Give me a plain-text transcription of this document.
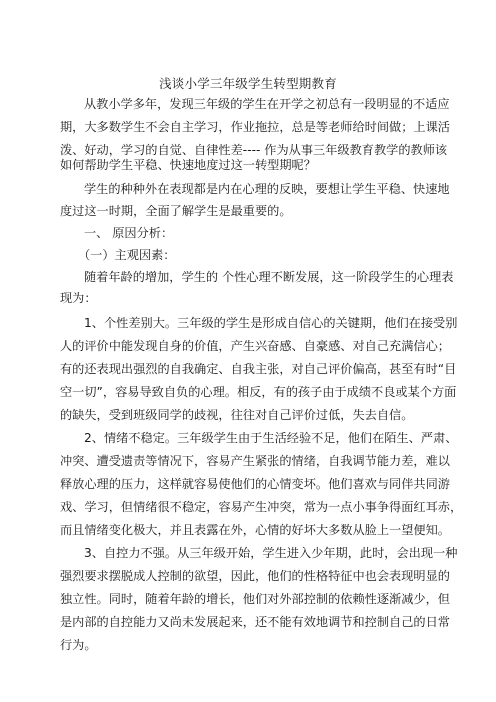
浅谈小学三年级学生转型期教育
从教小学多年，发现三年级的学生在开学之初总有一段明显的不适应
期，大多数学生不会自主学习，作业拖拉，总是等老师给时间做；上课活
泼、好动，学习的自觉、自律性差---- 作为从事三年级教育教学的教师该
如何帮助学生平稳、快速地度过这一转型期呢？
学生的种种外在表现都是内在心理的反映，要想让学生平稳、快速地
度过这一时期，全面了解学生是最重要的。
一、 原因分析：
（一）主观因素：
随着年龄的增加，学生的 个性心理不断发展，这一阶段学生的心理表
现为：
1、个性差别大。三年级的学生是形成自信心的关键期，他们在接受别
人的评价中能发现自身的价值，产生兴奋感、自豪感、对自己充满信心；
有的还表现出强烈的自我确定、自我主张，对自己评价偏高，甚至有时“目
空一切”，容易导致自负的心理。相反，有的孩子由于成绩不良或某个方面
的缺失，受到班级同学的歧视，往往对自己评价过低，失去自信。
2、情绪不稳定。三年级学生由于生活经验不足，他们在陌生、严肃、
冲突、遭受遗责等情况下，容易产生紧张的情绪，自我调节能力差，难以
释放心理的压力，这样就容易使他们的心情变坏。他们喜欢与同伴共同游
戏、学习，但情绪很不稳定，容易产生冲突，常为一点小事争得面红耳赤，
而且情绪变化极大，并且表露在外，心情的好坏大多数从脸上一望便知。
3、自控力不强。从三年级开始，学生进入少年期，此时，会出现一种
强烈要求摆脱成人控制的欲望，因此，他们的性格特征中也会表现明显的
独立性。同时，随着年龄的增长，他们对外部控制的依赖性逐渐减少，但
是内部的自控能力又尚未发展起来，还不能有效地调节和控制自己的日常
行为。
